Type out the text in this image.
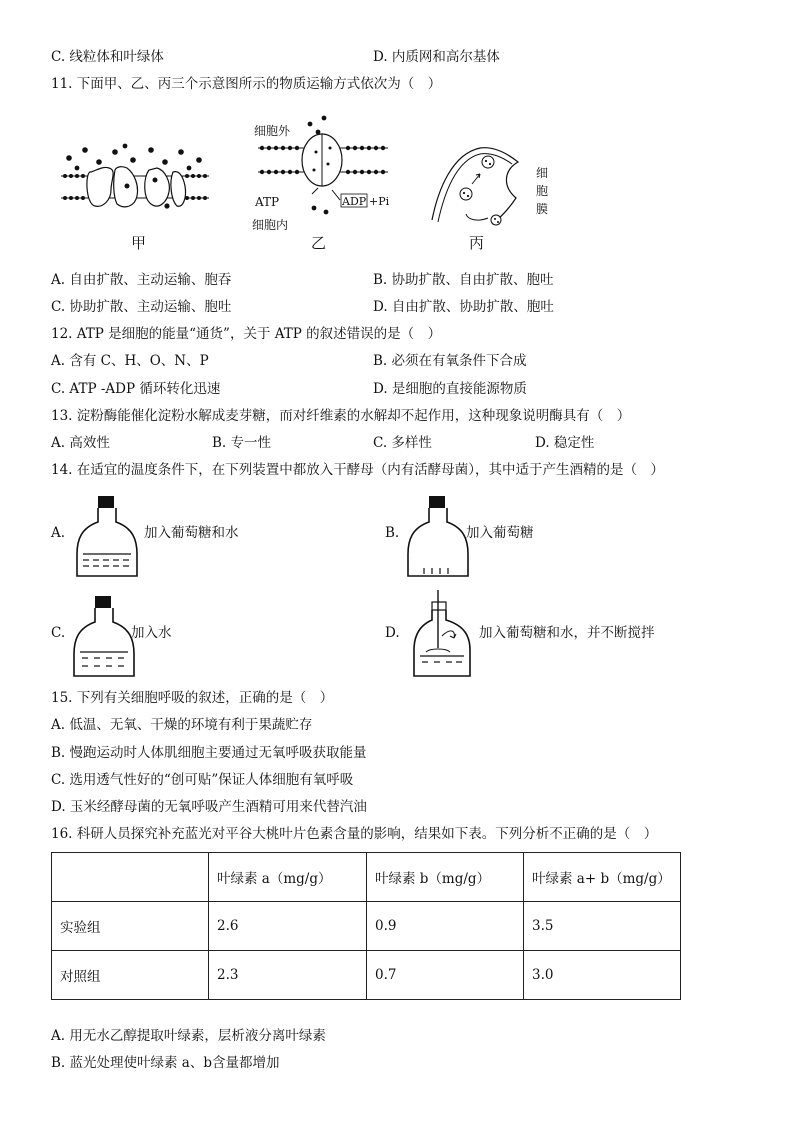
C. 线粒体和叶绿体	D. 内质网和高尔基体
11. 下面甲、乙、丙三个示意图所示的物质运输方式依次为（　）
甲
细胞外
ATP	ADP +Pi
细胞内
乙
细
胞
膜
丙
A. 自由扩散、主动运输、胞吞	B. 协助扩散、自由扩散、胞吐
C. 协助扩散、主动运输、胞吐	D. 自由扩散、协助扩散、胞吐
12. ATP 是细胞的能量“通货”，关于 ATP 的叙述错误的是（　）
A. 含有 C、H、O、N、P	B. 必须在有氧条件下合成
C. ATP -ADP 循环转化迅速	D. 是细胞的直接能源物质
13. 淀粉酶能催化淀粉水解成麦芽糖，而对纤维素的水解却不起作用，这种现象说明酶具有（　）
A. 高效性	B. 专一性	C. 多样性	D. 稳定性
14. 在适宜的温度条件下，在下列装置中都放入干酵母（内有活酵母菌），其中适于产生酒精的是（　）
A.	加入葡萄糖和水	B.	加入葡萄糖
C.	加入水	D.	加入葡萄糖和水，并不断搅拌
15. 下列有关细胞呼吸的叙述，正确的是（　）
A. 低温、无氧、干燥的环境有利于果蔬贮存
B. 慢跑运动时人体肌细胞主要通过无氧呼吸获取能量
C. 选用透气性好的“创可贴”保证人体细胞有氧呼吸
D. 玉米经酵母菌的无氧呼吸产生酒精可用来代替汽油
16. 科研人员探究补充蓝光对平谷大桃叶片色素含量的影响，结果如下表。下列分析不正确的是（　）
	叶绿素 a（mg/g）	叶绿素 b（mg/g）	叶绿素 a+ b（mg/g）
实验组	2.6	0.9	3.5
对照组	2.3	0.7	3.0
A. 用无水乙醇提取叶绿素，层析液分离叶绿素
B. 蓝光处理使叶绿素 a、b含量都增加
